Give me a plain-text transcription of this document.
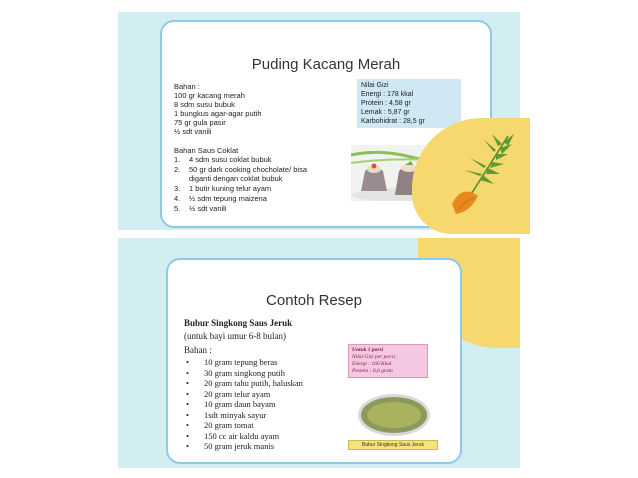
Puding Kacang Merah
Bahan :
100 gr kacang merah
8 sdm susu bubuk
1 bungkus agar-agar putih
75 gr gula pasir
½ sdt vanili
Bahan Saus Coklat
1. 4 sdm susu coklat bubuk
2. 50 gr dark cooking chocholate/ bisa
diganti dengan coklat bubuk
3. 1 butir kuning telur ayam
4. ½ sdm tepung maizena
5. ½ sdt vanili
Nilai Gizi
Energi : 178 kkal
Protein : 4,58 gr
Lemak : 5,87 gr
Karbohidrat : 28,5 gr
Contoh Resep
Bubur Singkong Saus Jeruk
(untuk bayi umur 6-8 bulan)
Bahan :
• 10 gram tepung beras
• 30 gram singkong putih
• 20 gram tahu putih, haluskan
• 20 gram telur ayam
• 10 gram daun bayam
• 1sdt minyak sayur
• 20 gram tomat
• 150 cc air kaldu ayam
• 50 gram jeruk manis
Untuk 1 porsi
Nilai Gizi per porsi :
Energi : 160 Kkal
Protein : 6,6 gram
Bubur Singkong Saus Jeruk
